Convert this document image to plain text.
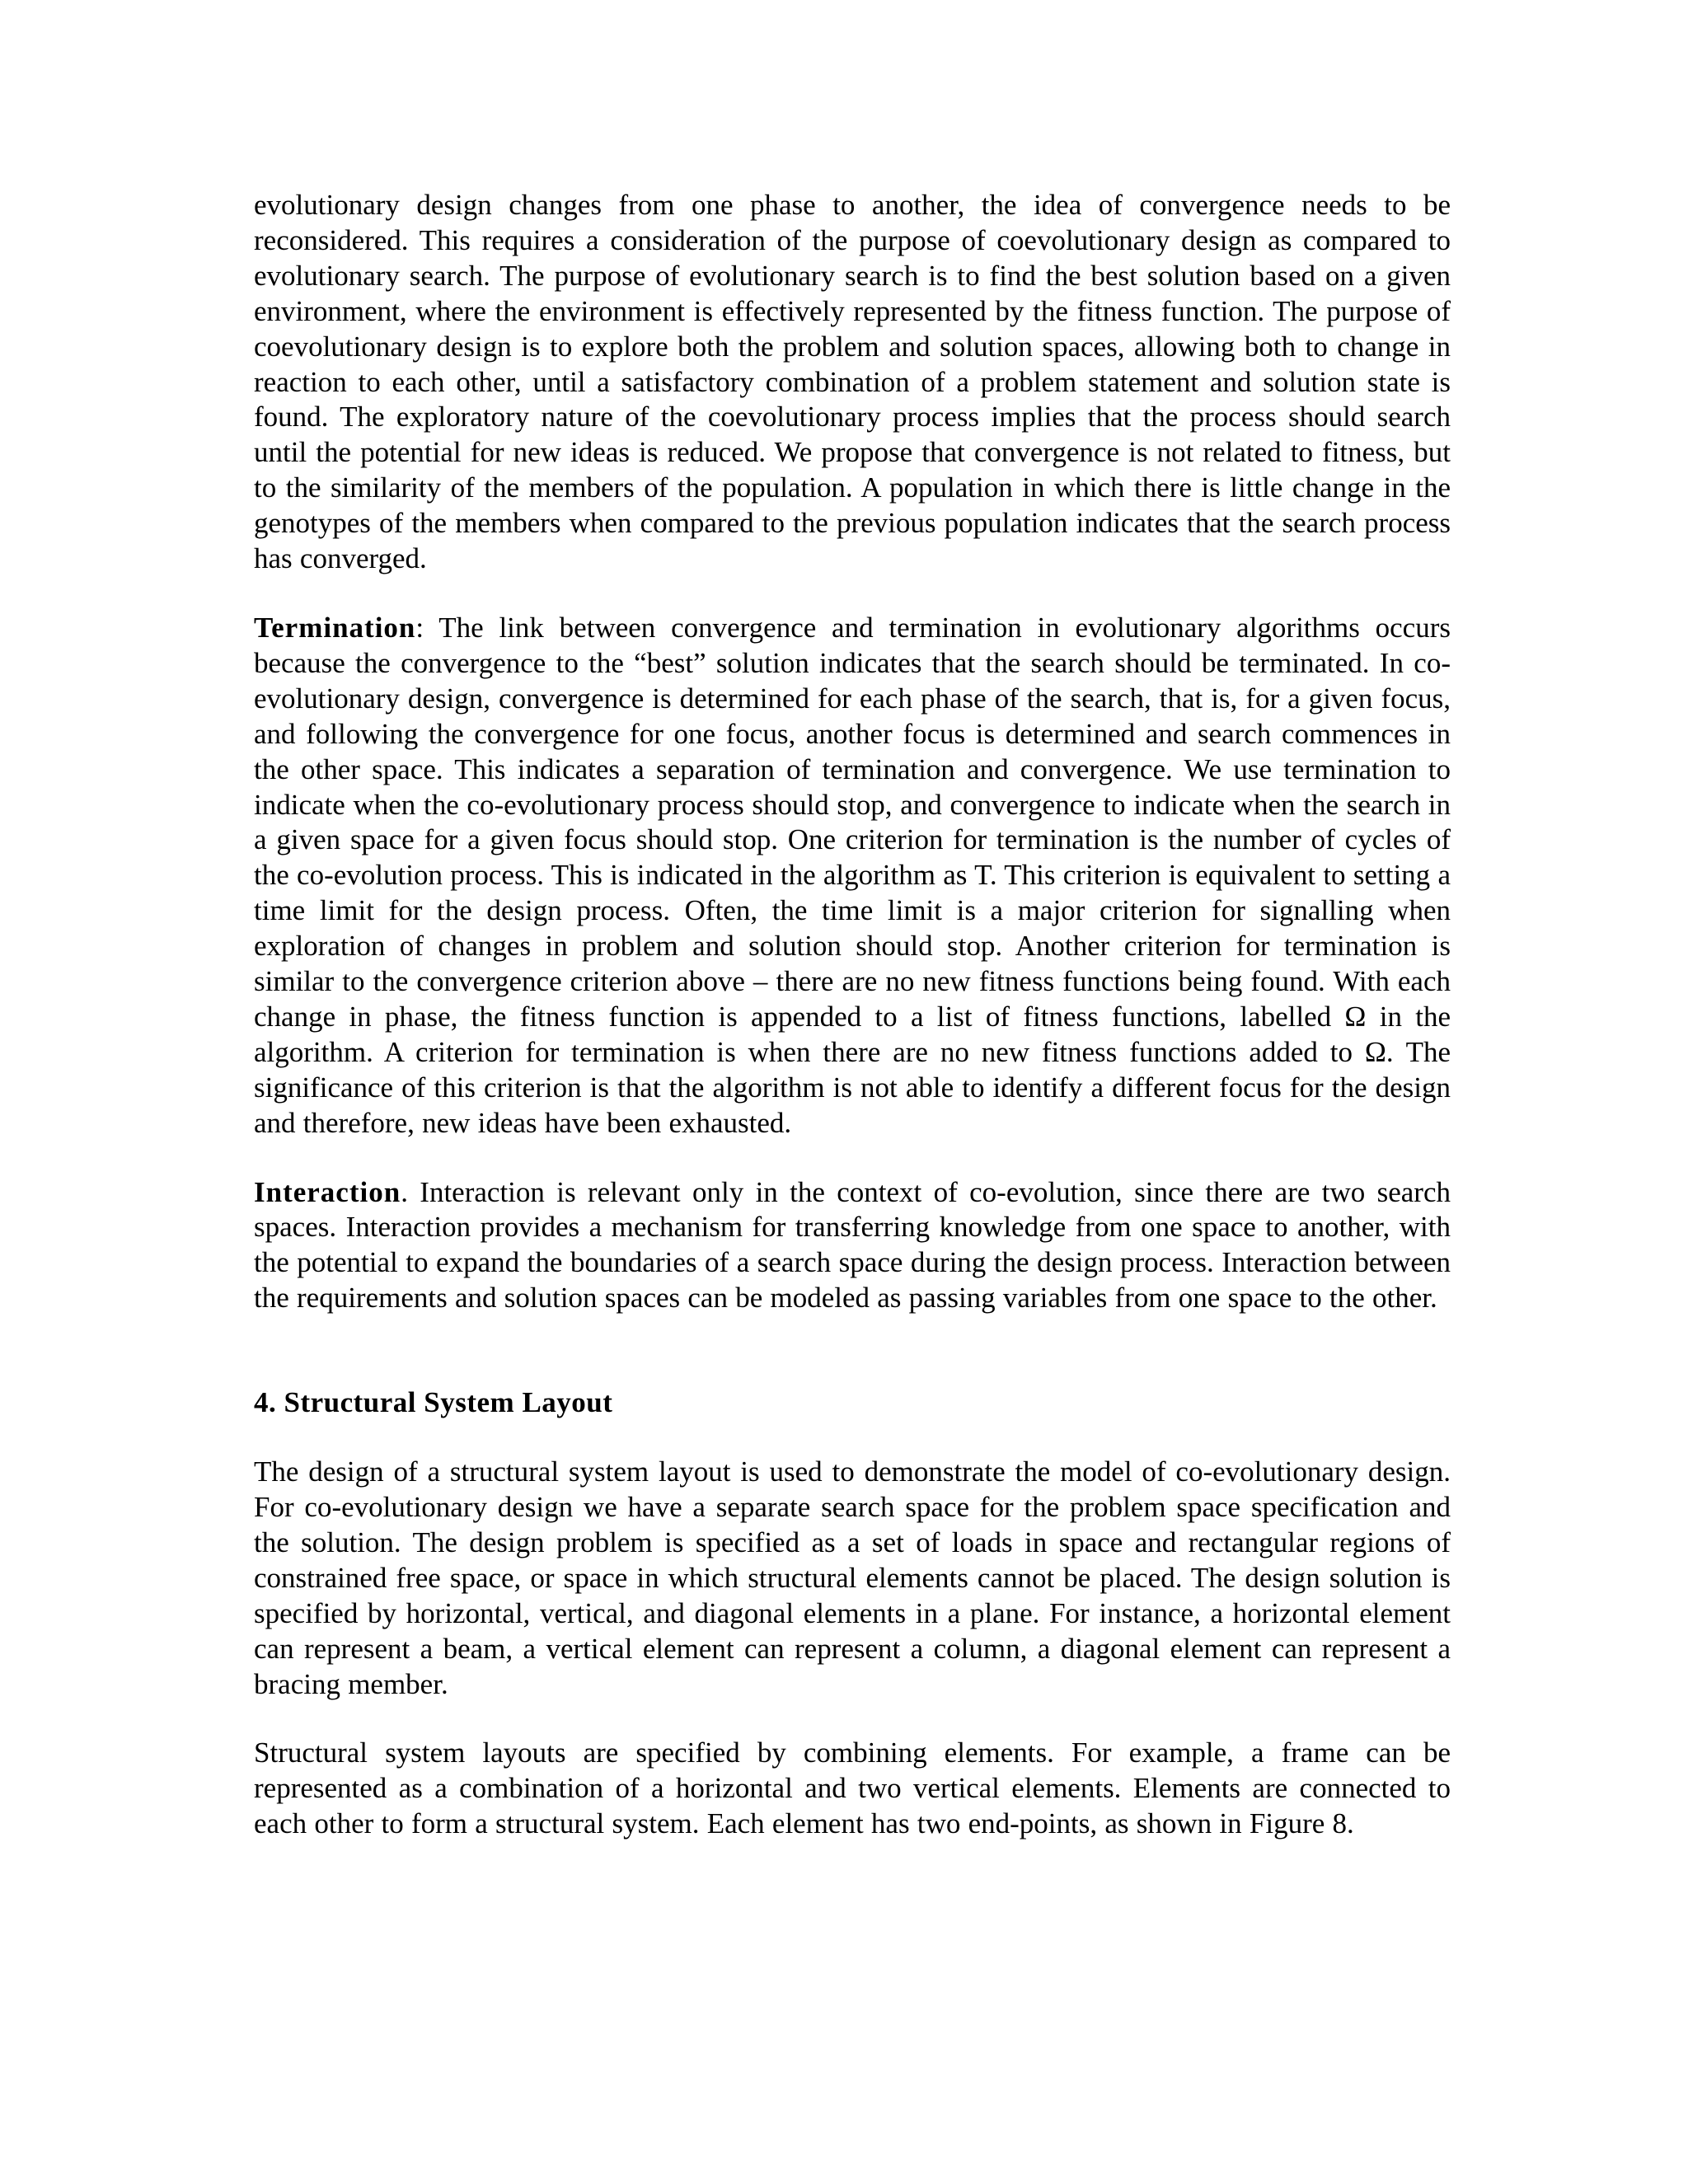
evolutionary design changes from one phase to another, the idea of convergence needs to be reconsidered. This requires a consideration of the purpose of coevolutionary design as compared to evolutionary search. The purpose of evolutionary search is to find the best solution based on a given environment, where the environment is effectively represented by the fitness function. The purpose of coevolutionary design is to explore both the problem and solution spaces, allowing both to change in reaction to each other, until a satisfactory combination of a problem statement and solution state is found. The exploratory nature of the coevolutionary process implies that the process should search until the potential for new ideas is reduced. We propose that convergence is not related to fitness, but to the similarity of the members of the population. A population in which there is little change in the genotypes of the members when compared to the previous population indicates that the search process has converged.

Termination: The link between convergence and termination in evolutionary algorithms occurs because the convergence to the “best” solution indicates that the search should be terminated. In co-evolutionary design, convergence is determined for each phase of the search, that is, for a given focus, and following the convergence for one focus, another focus is determined and search commences in the other space. This indicates a separation of termination and convergence. We use termination to indicate when the co-evolutionary process should stop, and convergence to indicate when the search in a given space for a given focus should stop. One criterion for termination is the number of cycles of the co-evolution process. This is indicated in the algorithm as T. This criterion is equivalent to setting a time limit for the design process. Often, the time limit is a major criterion for signalling when exploration of changes in problem and solution should stop. Another criterion for termination is similar to the convergence criterion above – there are no new fitness functions being found. With each change in phase, the fitness function is appended to a list of fitness functions, labelled Ω in the algorithm. A criterion for termination is when there are no new fitness functions added to Ω. The significance of this criterion is that the algorithm is not able to identify a different focus for the design and therefore, new ideas have been exhausted.

Interaction. Interaction is relevant only in the context of co-evolution, since there are two search spaces. Interaction provides a mechanism for transferring knowledge from one space to another, with the potential to expand the boundaries of a search space during the design process. Interaction between the requirements and solution spaces can be modeled as passing variables from one space to the other.

4. Structural System Layout

The design of a structural system layout is used to demonstrate the model of co-evolutionary design. For co-evolutionary design we have a separate search space for the problem space specification and the solution. The design problem is specified as a set of loads in space and rectangular regions of constrained free space, or space in which structural elements cannot be placed. The design solution is specified by horizontal, vertical, and diagonal elements in a plane. For instance, a horizontal element can represent a beam, a vertical element can represent a column, a diagonal element can represent a bracing member.

Structural system layouts are specified by combining elements. For example, a frame can be represented as a combination of a horizontal and two vertical elements. Elements are connected to each other to form a structural system. Each element has two end-points, as shown in Figure 8.
